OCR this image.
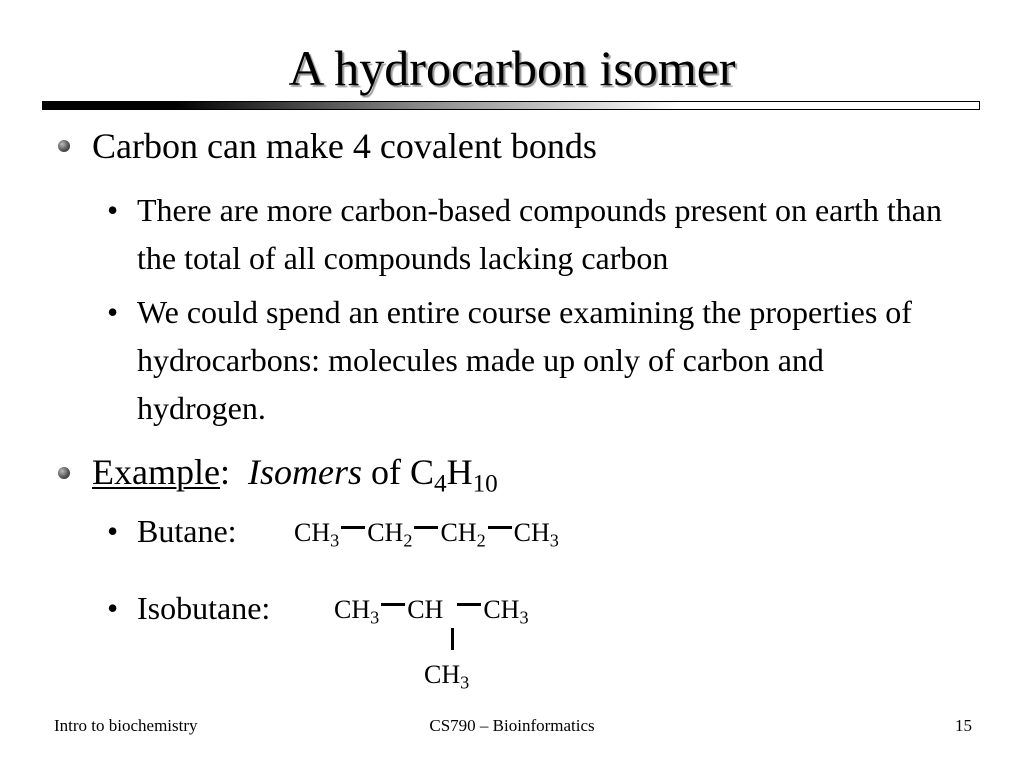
A hydrocarbon isomer
Carbon can make 4 covalent bonds
• There are more carbon-based compounds present on earth than the total of all compounds lacking carbon
• We could spend an entire course examining the properties of hydrocarbons: molecules made up only of carbon and hydrogen.
Example: Isomers of $C_4H_{10}$
• Butane: $CH_3$ $CH_2$ $CH_2$ $CH_3$
• Isobutane: $CH_3$ CH $CH_3$
$CH_3$
Intro to biochemistry	CS790 – Bioinformatics	15
